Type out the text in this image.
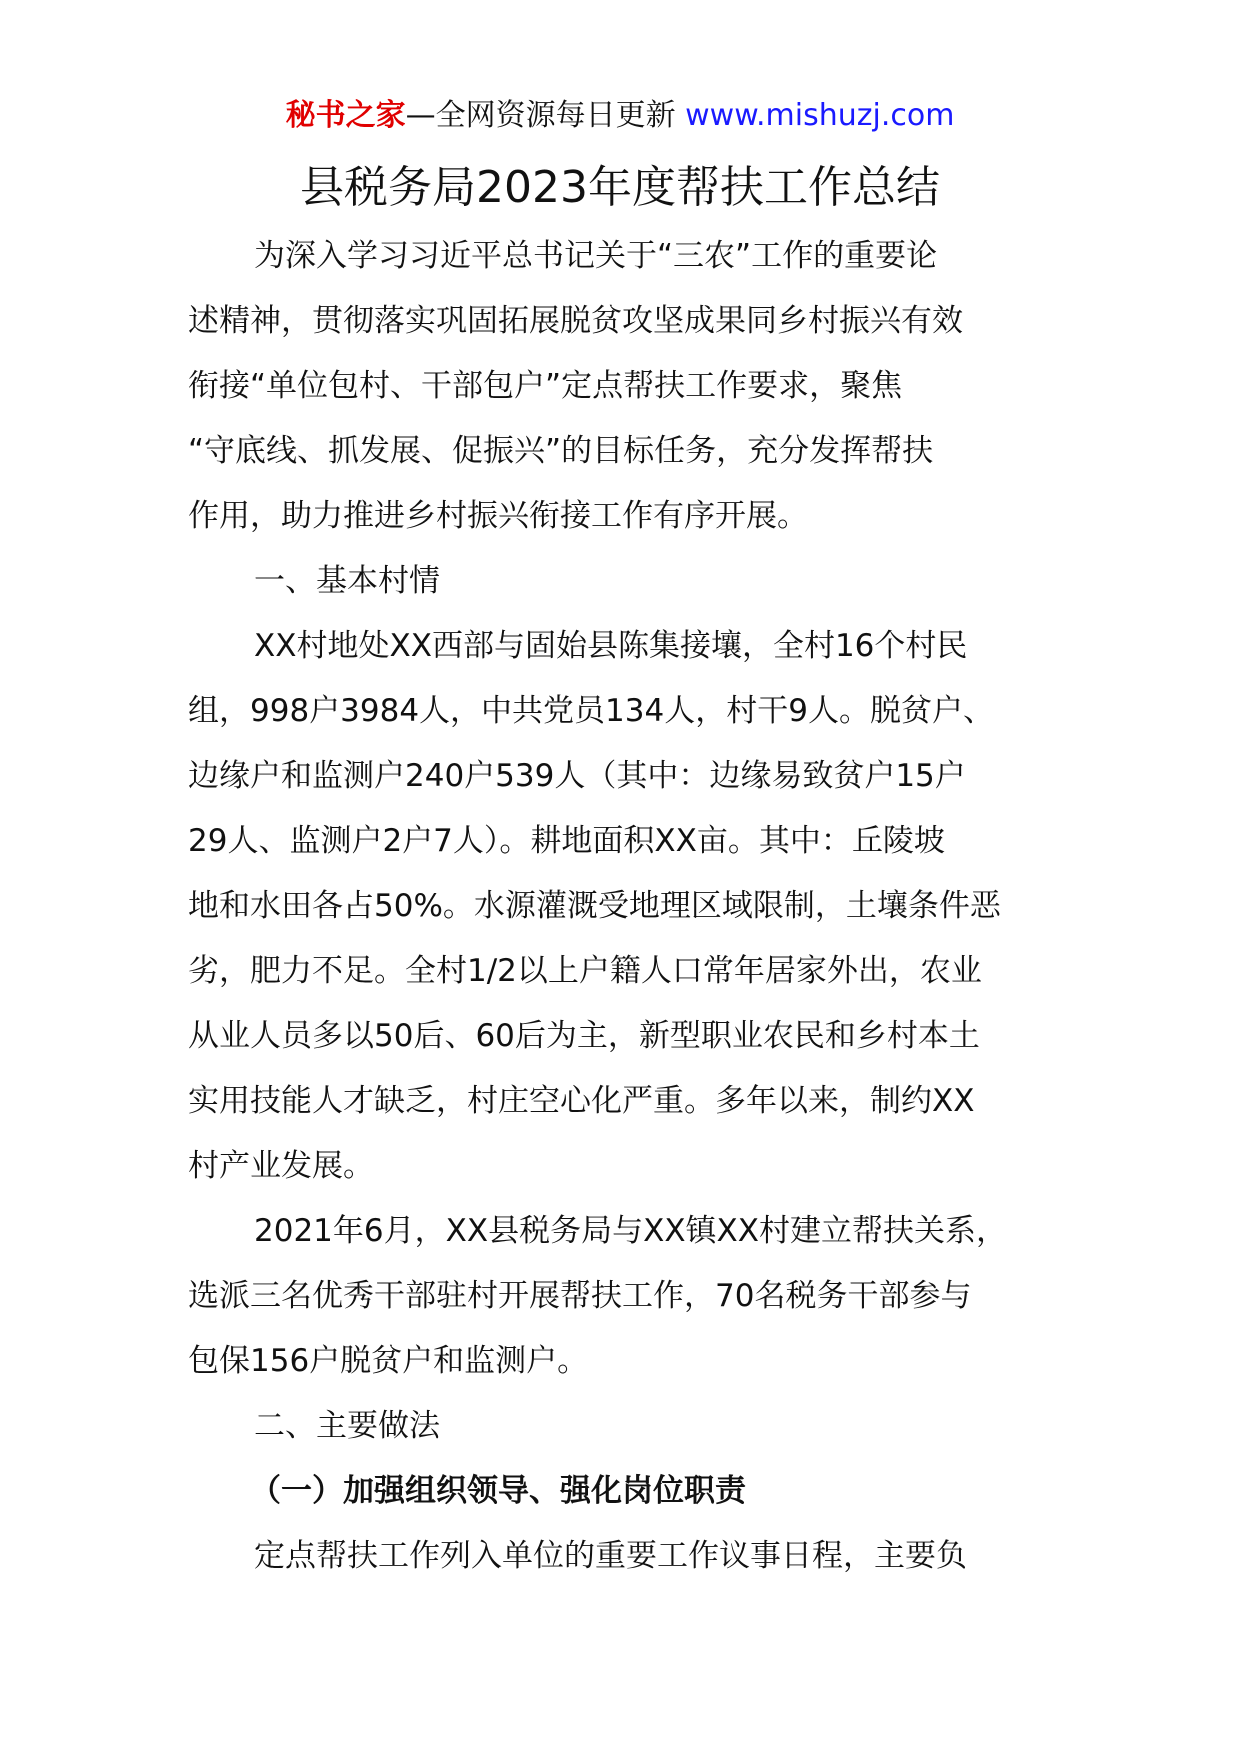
秘书之家—全网资源每日更新 www.mishuzj.com
县税务局2023年度帮扶工作总结
为深入学习习近平总书记关于“三农”工作的重要论
述精神，贯彻落实巩固拓展脱贫攻坚成果同乡村振兴有效
衔接“单位包村、干部包户”定点帮扶工作要求，聚焦
“守底线、抓发展、促振兴”的目标任务，充分发挥帮扶
作用，助力推进乡村振兴衔接工作有序开展。
一、基本村情
XX村地处XX西部与固始县陈集接壤，全村16个村民
组，998户3984人，中共党员134人，村干9人。脱贫户、
边缘户和监测户240户539人（其中：边缘易致贫户15户
29人、监测户2户7人）。耕地面积XX亩。其中：丘陵坡
地和水田各占50%。水源灌溉受地理区域限制，土壤条件恶
劣，肥力不足。全村1/2以上户籍人口常年居家外出，农业
从业人员多以50后、60后为主，新型职业农民和乡村本土
实用技能人才缺乏，村庄空心化严重。多年以来，制约XX
村产业发展。
2021年6月，XX县税务局与XX镇XX村建立帮扶关系，
选派三名优秀干部驻村开展帮扶工作，70名税务干部参与
包保156户脱贫户和监测户。
二、主要做法
（一）加强组织领导、强化岗位职责
定点帮扶工作列入单位的重要工作议事日程，主要负
